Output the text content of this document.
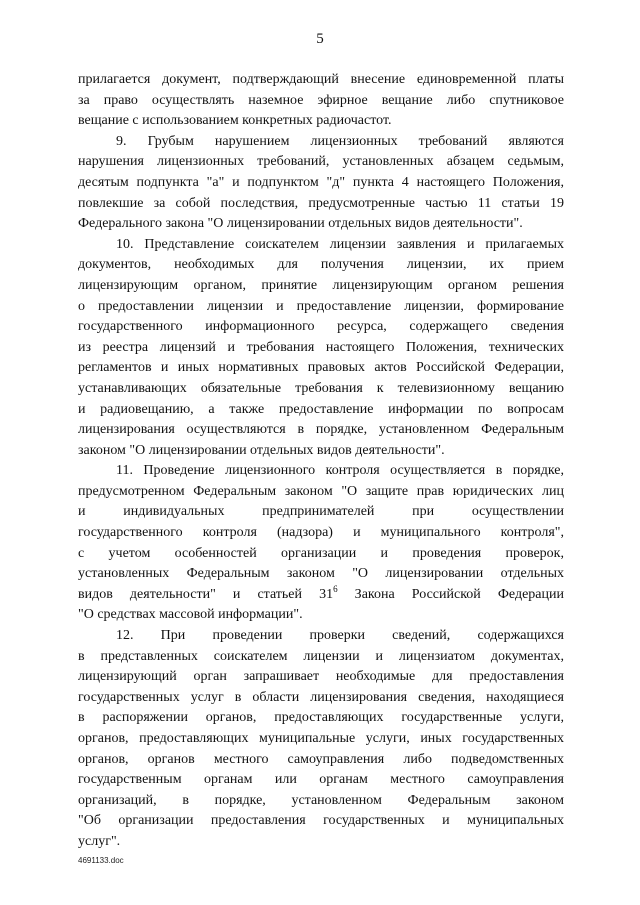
5
прилагается документ, подтверждающий внесение единовременной платы
за право осуществлять наземное эфирное вещание либо спутниковое
вещание с использованием конкретных радиочастот.
9. Грубым нарушением лицензионных требований являются
нарушения лицензионных требований, установленных абзацем седьмым,
десятым подпункта "а" и подпунктом "д" пункта 4 настоящего Положения,
повлекшие за собой последствия, предусмотренные частью 11 статьи 19
Федерального закона "О лицензировании отдельных видов деятельности".
10. Представление соискателем лицензии заявления и прилагаемых
документов, необходимых для получения лицензии, их прием
лицензирующим органом, принятие лицензирующим органом решения
о предоставлении лицензии и предоставление лицензии, формирование
государственного информационного ресурса, содержащего сведения
из реестра лицензий и требования настоящего Положения, технических
регламентов и иных нормативных правовых актов Российской Федерации,
устанавливающих обязательные требования к телевизионному вещанию
и радиовещанию, а также предоставление информации по вопросам
лицензирования осуществляются в порядке, установленном Федеральным
законом "О лицензировании отдельных видов деятельности".
11. Проведение лицензионного контроля осуществляется в порядке,
предусмотренном Федеральным законом "О защите прав юридических лиц
и индивидуальных предпринимателей при осуществлении
государственного контроля (надзора) и муниципального контроля",
с учетом особенностей организации и проведения проверок,
установленных Федеральным законом "О лицензировании отдельных
видов деятельности" и статьей $31^6$ Закона Российской Федерации
"О средствах массовой информации".
12. При проведении проверки сведений, содержащихся
в представленных соискателем лицензии и лицензиатом документах,
лицензирующий орган запрашивает необходимые для предоставления
государственных услуг в области лицензирования сведения, находящиеся
в распоряжении органов, предоставляющих государственные услуги,
органов, предоставляющих муниципальные услуги, иных государственных
органов, органов местного самоуправления либо подведомственных
государственным органам или органам местного самоуправления
организаций, в порядке, установленном Федеральным законом
"Об организации предоставления государственных и муниципальных
услуг".
4691133.doc
